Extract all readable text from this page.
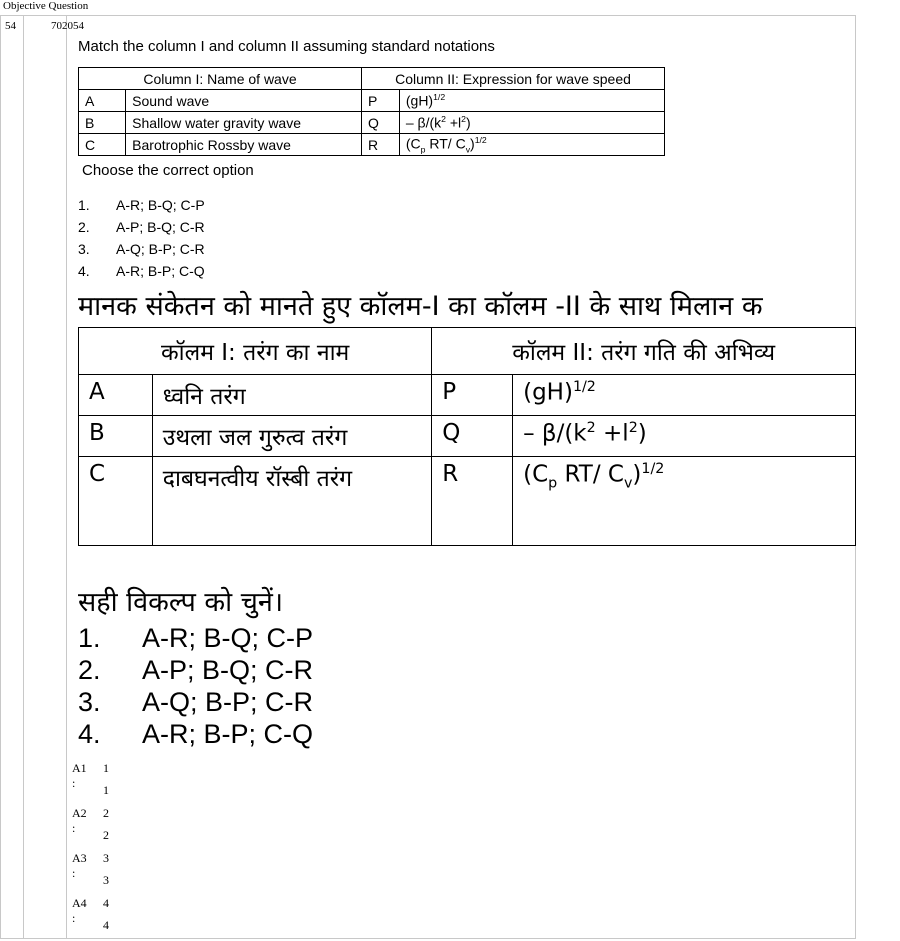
Objective Question
54	702054
Match the column I and column II assuming standard notations
Column I: Name of wave		Column II: Expression for wave speed	
A	Sound wave	P	(gH)$^{1/2}$
B	Shallow water gravity wave	Q	– $\beta/(k^2 +l^2)$
C	Barotrophic Rossby wave	R	($C_p$ RT/ $C_v)^{1/2}$
Choose the correct option
1. A-R; B-Q; C-P
2. A-P; B-Q; C-R
3. A-Q; B-P; C-R
4. A-R; B-P; C-Q
मानक संकेतन को मानते हुए कॉलम-I का कॉलम -II के साथ मिलान क
कॉलम I: तरंग का नाम		कॉलम II: तरंग गति की अभिव्य	
A	ध्वनि तरंग	P	(gH)$^{1/2}$
B	उथला जल गुरुत्व तरंग	Q	– $\beta/(k^2 +l^2)$
C	दाबघनत्वीय रॉस्बी तरंग	R	($C_p$ RT/ $C_v)^{1/2}$
सही विकल्प को चुनें।
1. A-R; B-Q; C-P
2. A-P; B-Q; C-R
3. A-Q; B-P; C-R
4. A-R; B-P; C-Q
A1 :
1
1
A2 :
2
2
A3 :
3
3
A4 :
4
4
